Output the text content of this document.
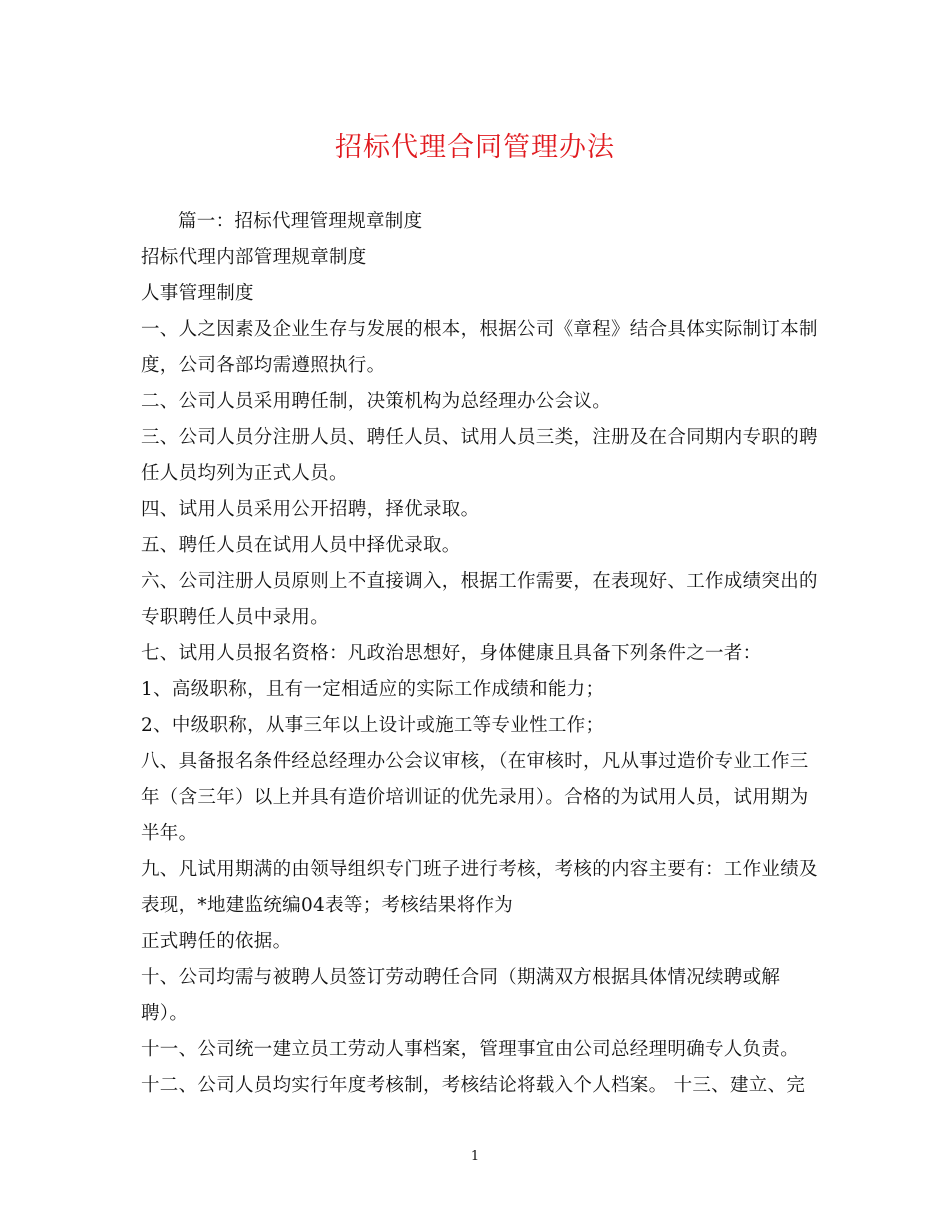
招标代理合同管理办法
篇一：招标代理管理规章制度
招标代理内部管理规章制度
人事管理制度
一、人之因素及企业生存与发展的根本，根据公司《章程》结合具体实际制订本制
度，公司各部均需遵照执行。
二、公司人员采用聘任制，决策机构为总经理办公会议。
三、公司人员分注册人员、聘任人员、试用人员三类，注册及在合同期内专职的聘
任人员均列为正式人员。
四、试用人员采用公开招聘，择优录取。
五、聘任人员在试用人员中择优录取。
六、公司注册人员原则上不直接调入，根据工作需要，在表现好、工作成绩突出的
专职聘任人员中录用。
七、试用人员报名资格：凡政治思想好，身体健康且具备下列条件之一者：
1、高级职称，且有一定相适应的实际工作成绩和能力；
2、中级职称，从事三年以上设计或施工等专业性工作；
八、具备报名条件经总经理办公会议审核，（在审核时，凡从事过造价专业工作三
年（含三年）以上并具有造价培训证的优先录用）。合格的为试用人员，试用期为
半年。
九、凡试用期满的由领导组织专门班子进行考核，考核的内容主要有：工作业绩及
表现，*地建监统编04表等；考核结果将作为
正式聘任的依据。
十、公司均需与被聘人员签订劳动聘任合同（期满双方根据具体情况续聘或解
聘）。
十一、公司统一建立员工劳动人事档案，管理事宜由公司总经理明确专人负责。
十二、公司人员均实行年度考核制，考核结论将载入个人档案。 十三、建立、完
1
